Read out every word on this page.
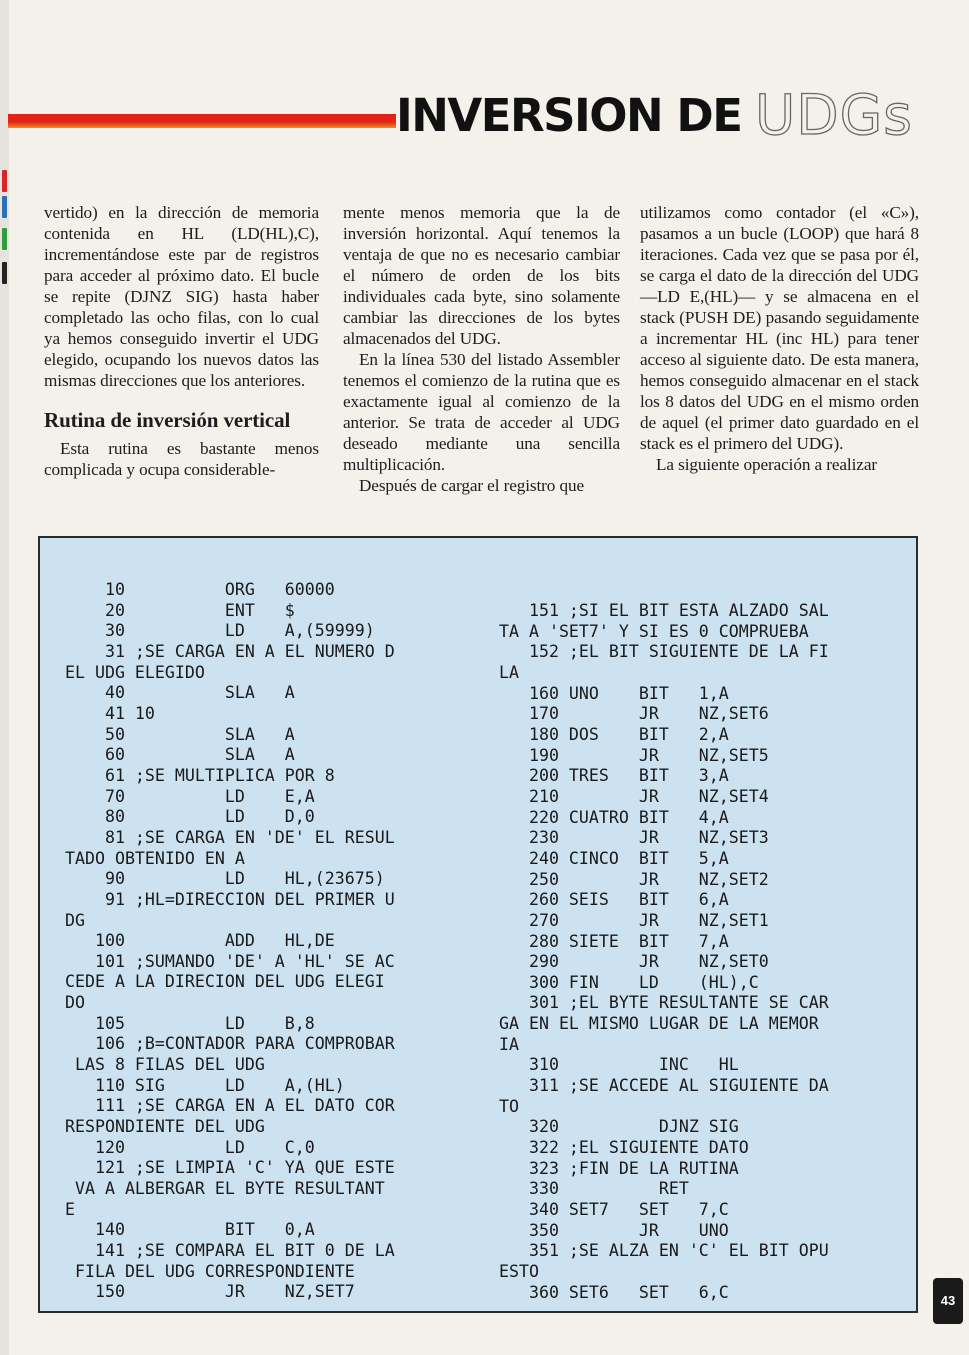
INVERSION DE UDGs

vertido) en la dirección de memoria contenida en HL (LD(HL),C), incrementándose este par de registros para acceder al próximo dato. El bucle se repite (DJNZ SIG) hasta haber completado las ocho filas, con lo cual ya hemos conseguido invertir el UDG elegido, ocupando los nuevos datos las mismas direcciones que los anteriores.

Rutina de inversión vertical

Esta rutina es bastante menos complicada y ocupa considerable-

mente menos memoria que la de inversión horizontal. Aquí tenemos la ventaja de que no es necesario cambiar el número de orden de los bits individuales cada byte, sino solamente cambiar las direcciones de los bytes almacenados del UDG.

En la línea 530 del listado Assembler tenemos el comienzo de la rutina que es exactamente igual al comienzo de la anterior. Se trata de acceder al UDG deseado mediante una sencilla multiplicación.

Después de cargar el registro que

utilizamos como contador (el «C»), pasamos a un bucle (LOOP) que hará 8 iteraciones. Cada vez que se pasa por él, se carga el dato de la dirección del UDG —LD E,(HL)— y se almacena en el stack (PUSH DE) pasando seguidamente a incrementar HL (inc HL) para tener acceso al siguiente dato. De esta manera, hemos conseguido almacenar en el stack los 8 datos del UDG en el mismo orden de aquel (el primer dato guardado en el stack es el primero del UDG).

La siguiente operación a realizar

10          ORG   60000
20          ENT   $
30          LD    A,(59999)
31 ;SE CARGA EN A EL NUMERO D
EL UDG ELEGIDO
40          SLA   A
41 10
50          SLA   A
60          SLA   A
61 ;SE MULTIPLICA POR 8
70          LD    E,A
80          LD    D,0
81 ;SE CARGA EN 'DE' EL RESUL
TADO OBTENIDO EN A
90          LD    HL,(23675)
91 ;HL=DIRECCION DEL PRIMER U
DG
100          ADD   HL,DE
101 ;SUMANDO 'DE' A 'HL' SE AC
CEDE A LA DIRECION DEL UDG ELEGI
DO
105          LD    B,8
106 ;B=CONTADOR PARA COMPROBAR
LAS 8 FILAS DEL UDG
110 SIG      LD    A,(HL)
111 ;SE CARGA EN A EL DATO COR
RESPONDIENTE DEL UDG
120          LD    C,0
121 ;SE LIMPIA 'C' YA QUE ESTE
VA A ALBERGAR EL BYTE RESULTANT
E
140          BIT   0,A
141 ;SE COMPARA EL BIT 0 DE LA
FILA DEL UDG CORRESPONDIENTE
150          JR    NZ,SET7
151 ;SI EL BIT ESTA ALZADO SAL
TA A 'SET7' Y SI ES 0 COMPRUEBA
152 ;EL BIT SIGUIENTE DE LA FI
LA
160 UNO    BIT   1,A
170        JR    NZ,SET6
180 DOS    BIT   2,A
190        JR    NZ,SET5
200 TRES   BIT   3,A
210        JR    NZ,SET4
220 CUATRO BIT   4,A
230        JR    NZ,SET3
240 CINCO  BIT   5,A
250        JR    NZ,SET2
260 SEIS   BIT   6,A
270        JR    NZ,SET1
280 SIETE  BIT   7,A
290        JR    NZ,SET0
300 FIN    LD    (HL),C
301 ;EL BYTE RESULTANTE SE CAR
GA EN EL MISMO LUGAR DE LA MEMOR
IA
310          INC   HL
311 ;SE ACCEDE AL SIGUIENTE DA
TO
320          DJNZ SIG
322 ;EL SIGUIENTE DATO
323 ;FIN DE LA RUTINA
330          RET
340 SET7   SET   7,C
350        JR    UNO
351 ;SE ALZA EN 'C' EL BIT OPU
ESTO
360 SET6   SET   6,C	43
